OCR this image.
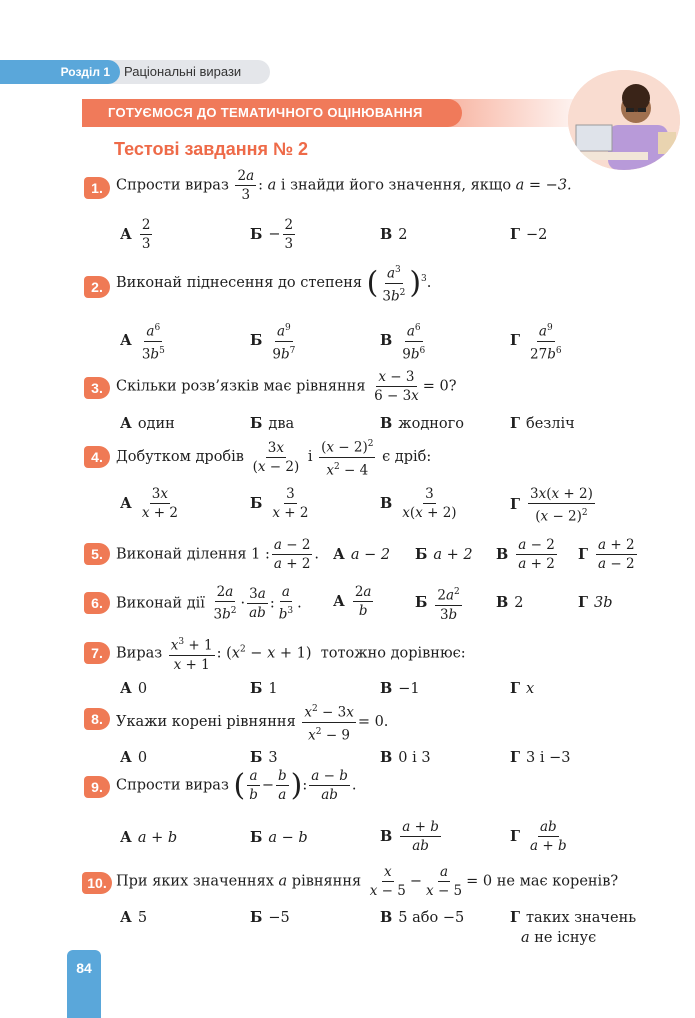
Розділ 1	Раціональні вирази
ГОТУЄМОСЯ ДО ТЕМАТИЧНОГО ОЦІНЮВАННЯ
Тестові завдання № 2
1. Спрости вираз $\frac{2a}{3}$ : a і знайди його значення, якщо a = −3.
А $\frac{2}{3}$	$Б - \frac{2}{3}$	В 2	Г −2
2. Виконай піднесення до степеня ( $\frac{a^3}{3b^2} )^3$.
А $\frac{a^6}{3b^5}$	Б $\frac{a^9}{9b^7}$	В $\frac{a^6}{9b^6}$	Г $\frac{a^9}{27b^6}$
3. Скільки розв’язків має рівняння $\frac{x - 3}{6 - 3x} = 0$?
А один	Б два	В жодного	Г безліч
4. Добутком дробів $\frac{3x}{(x - 2)}$ і $\frac{(x - 2)^2}{x^2 - 4}$ є дріб:
А $\frac{3x}{x + 2}$	Б $\frac{3}{x + 2}$	В $\frac{3}{x(x + 2)}$	Г $\frac{3x(x + 2)}{(x - 2)^2}$
5. Виконай ділення 1 : $\frac{a - 2}{a + 2}$ . А a − 2 Б a + 2 В $\frac{a - 2}{a + 2}$ Г $\frac{a + 2}{a - 2}$
6. Виконай дії $\frac{2a}{3b^2} \cdot \frac{3a}{ab}$ : $\frac{a}{b^3}$ . А $\frac{2a}{b}$	Б $\frac{2a^2}{3b}$ В 2	Г 3b
7. Вираз $\frac{x^3 + 1}{x + 1}$ : $(x^2 - x + 1)$  тотожно дорівнює:
А 0	Б 1	В −1	Г x
8. Укажи корені рівняння $\frac{x^2 - 3x}{x^2 - 9} = 0$.
А 0	Б 3	В 0 і 3	Г 3 і −3
9. Спрости вираз ( $\frac{a}{b} - \frac{b}{a}$ ): $\frac{a - b}{ab}$ .
А a + b	Б a − b	В $\frac{a + b}{ab}$	Г $\frac{ab}{a + b}$
10. При яких значеннях a рівняння $\frac{x}{x - 5} - \frac{a}{x - 5} = 0$ не має коренів?
А 5	Б −5	В 5 або −5	Г таких значень
a не існує
84
